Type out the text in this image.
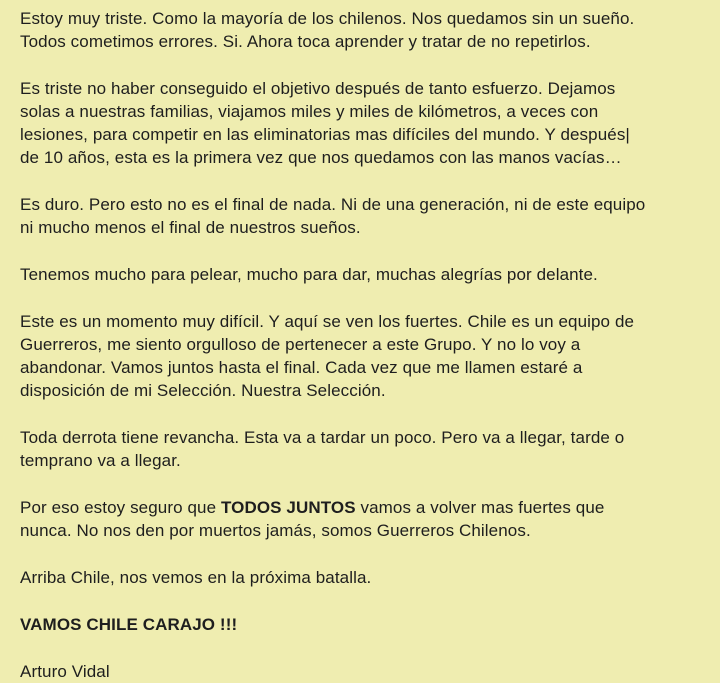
Estoy muy triste. Como la mayoría de los chilenos. Nos quedamos sin un sueño.
Todos cometimos errores. Si. Ahora toca aprender y tratar de no repetirlos.

Es triste no haber conseguido el objetivo después de tanto esfuerzo. Dejamos
solas a nuestras familias, viajamos miles y miles de kilómetros, a veces con
lesiones, para competir en las eliminatorias mas difíciles del mundo. Y después|
de 10 años, esta es la primera vez que nos quedamos con las manos vacías…

Es duro. Pero esto no es el final de nada. Ni de una generación, ni de este equipo
ni mucho menos el final de nuestros sueños.

Tenemos mucho para pelear, mucho para dar, muchas alegrías por delante.

Este es un momento muy difícil. Y aquí se ven los fuertes. Chile es un equipo de
Guerreros, me siento orgulloso de pertenecer a este Grupo. Y no lo voy a
abandonar. Vamos juntos hasta el final. Cada vez que me llamen estaré a
disposición de mi Selección. Nuestra Selección.

Toda derrota tiene revancha. Esta va a tardar un poco. Pero va a llegar, tarde o
temprano va a llegar.

Por eso estoy seguro que TODOS JUNTOS vamos a volver mas fuertes que
nunca. No nos den por muertos jamás, somos Guerreros Chilenos.

Arriba Chile, nos vemos en la próxima batalla.

VAMOS CHILE CARAJO !!!

Arturo Vidal
